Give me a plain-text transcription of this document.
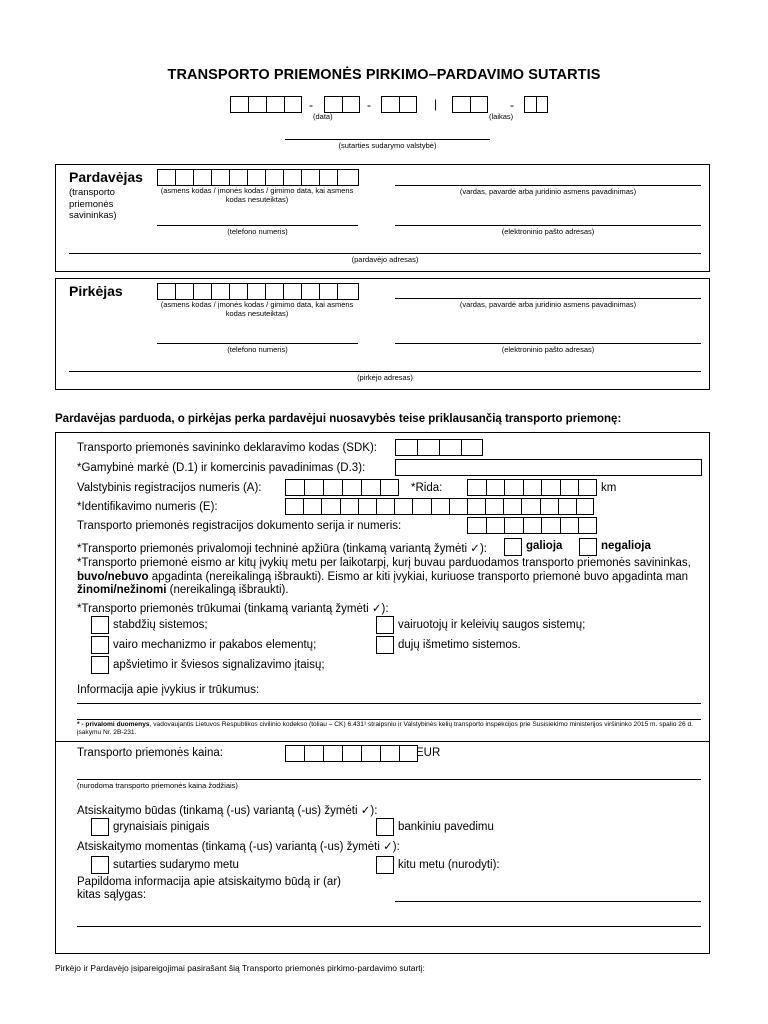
TRANSPORTO PRIEMONĖS PIRKIMO–PARDAVIMO SUTARTIS
-	-	|	-
(data)	(laikas)
(sutarties sudarymo valstybė)
Pardavėjas
(transporto priemonės savininkas)
(asmens kodas / įmonės kodas / gimimo data, kai asmens kodas nesuteiktas)
(vardas, pavardė arba juridinio asmens pavadinimas)
(telefono numeris)	(elektroninio pašto adresas)
(pardavėjo adresas)
Pirkėjas
(asmens kodas / įmonės kodas / gimimo data, kai asmens kodas nesuteiktas)
(vardas, pavardė arba juridinio asmens pavadinimas)
(telefono numeris)	(elektroninio pašto adresas)
(pirkėjo adresas)
Pardavėjas parduoda, o pirkėjas perka pardavėjui nuosavybės teise priklausančią transporto priemonę:
Transporto priemonės savininko deklaravimo kodas (SDK):
*Gamybinė markė (D.1) ir komercinis pavadinimas (D.3):
Valstybinis registracijos numeris (A):	*Rida:	km
*Identifikavimo numeris (E):
Transporto priemonės registracijos dokumento serija ir numeris:
*Transporto priemonės privalomoji techninė apžiūra (tinkamą variantą žymėti ✓):	galioja	negalioja
*Transporto priemonė eismo ar kitų įvykių metu per laikotarpį, kurį buvau parduodamos transporto priemonės savininkas,
buvo/nebuvo apgadinta (nereikalingą išbraukti). Eismo ar kiti įvykiai, kuriuose transporto priemonė buvo apgadinta man
žinomi/nežinomi (nereikalingą išbraukti).
*Transporto priemonės trūkumai (tinkamą variantą žymėti ✓):
stabdžių sistemos;	vairuotojų ir keleivių saugos sistemų;
vairo mechanizmo ir pakabos elementų;	dujų išmetimo sistemos.
apšvietimo ir šviesos signalizavimo įtaisų;
Informacija apie įvykius ir trūkumus:
* - privalomi duomenys, vadovaujantis Lietuvos Respublikos civilinio kodekso (toliau – CK) 6.431¹ straipsniu ir Valstybinės kelių transporto inspekcijos prie Susisiekimo ministerijos viršininko 2015 m. spalio 26 d. įsakymu Nr. 2B-231.
Transporto priemonės kaina:	EUR
(nurodoma transporto priemonės kaina žodžiais)
Atsiskaitymo būdas (tinkamą (-us) variantą (-us) žymėti ✓):
grynaisiais pinigais	bankiniu pavedimu
Atsiskaitymo momentas (tinkamą (-us) variantą (-us) žymėti ✓):
sutarties sudarymo metu	kitu metu (nurodyti):
Papildoma informacija apie atsiskaitymo būdą ir (ar)
kitas sąlygas:
Pirkėjo ir Pardavėjo įsipareigojimai pasirašant šią Transporto priemonės pirkimo-pardavimo sutartį:
